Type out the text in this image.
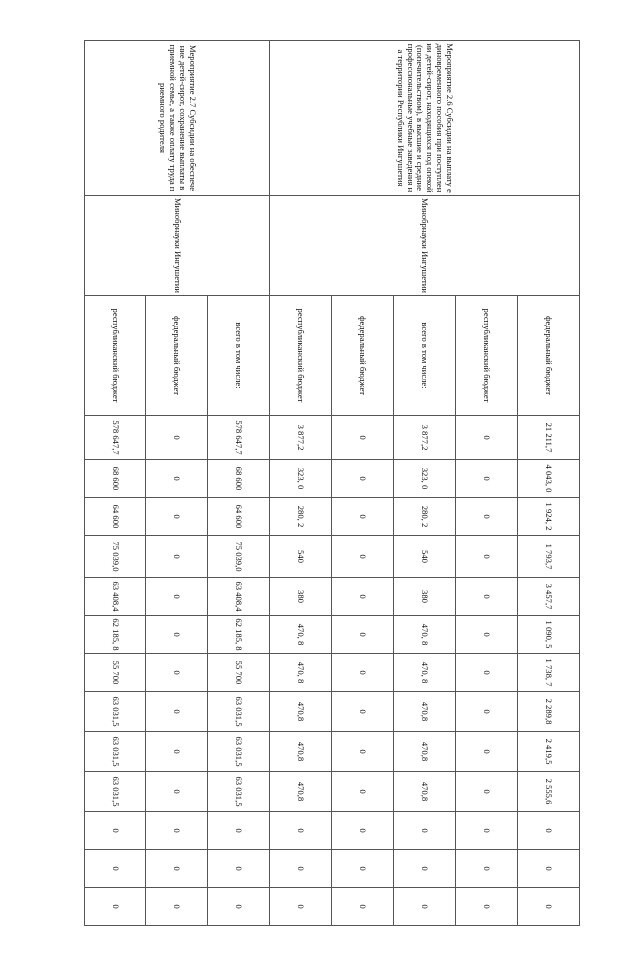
Мероприятие 2.6 Субсидии на выплату единовременного пособия при поступлении детей-сирот, находящихся под опекой (попечительством), в высшие и средние профессиональные учебные заведения на территории Республики Ингушетия	Минобрнауки Ингушетии	федеральный бюджет	21 211,7	4 043, 0	1 924, 2	1 793,7	3 457,7	1 090, 5	1 738, 7	2 289,8	2 419,5	2 555,6	0	0	0
		республиканский бюджет	0	0	0	0	0	0	0	0	0	0	0	0	0
		всего в том числе:	3 877,2	323, 0	280, 2	540	380	470, 8	470, 8	470,8	470,8	470,8	0	0	0
		федеральный бюджет	0	0	0	0	0	0	0	0	0	0	0	0	0
		республиканский бюджет	3 877,2	323, 0	280, 2	540	380	470, 8	470, 8	470,8	470,8	470,8	0	0	0
Мероприятие 2.7 Субсидии на обеспечение детей-сирот, сохранение выплаты в приемной семье, а также оплату труда приемного родителя	Минобрнауки Ингушетии	всего в том числе:	578 647,7	68 600	64 600	75 039,0	63 408,4	62 185, 8	55 700	63 031,5	63 031,5	63 031,5	0	0	0
		федеральный бюджет	0	0	0	0	0	0	0	0	0	0	0	0	0
		республиканский бюджет	578 647,7	68 600	64 600	75 039,0	63 408,4	62 185, 8	55 700	63 031,5	63 031,5	63 031,5	0	0	0
